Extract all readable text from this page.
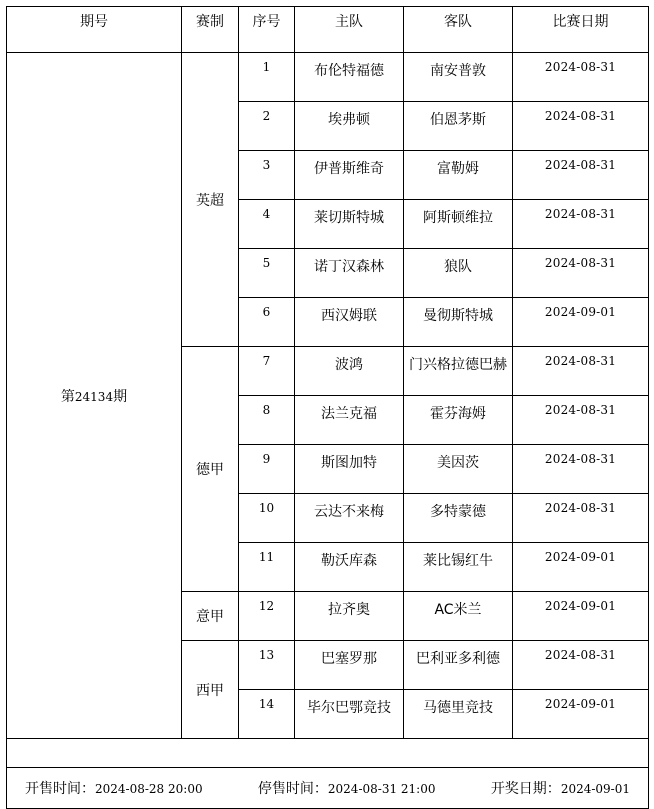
期号	赛制	序号	主队	客队	比赛日期
第24134期	英超	1	布伦特福德	南安普敦	2024-08-31
		2	埃弗顿	伯恩茅斯	2024-08-31
		3	伊普斯维奇	富勒姆	2024-08-31
		4	莱切斯特城	阿斯顿维拉	2024-08-31
		5	诺丁汉森林	狼队	2024-08-31
		6	西汉姆联	曼彻斯特城	2024-09-01
	德甲	7	波鸿	门兴格拉德巴赫	2024-08-31
		8	法兰克福	霍芬海姆	2024-08-31
		9	斯图加特	美因茨	2024-08-31
		10	云达不来梅	多特蒙德	2024-08-31
		11	勒沃库森	莱比锡红牛	2024-09-01
	意甲	12	拉齐奥	AC米兰	2024-09-01
	西甲	13	巴塞罗那	巴利亚多利德	2024-08-31
		14	毕尔巴鄂竞技	马德里竞技	2024-09-01

开售时间：2024-08-28 20:00 停售时间：2024-08-31 21:00 开奖日期：2024-09-01					
